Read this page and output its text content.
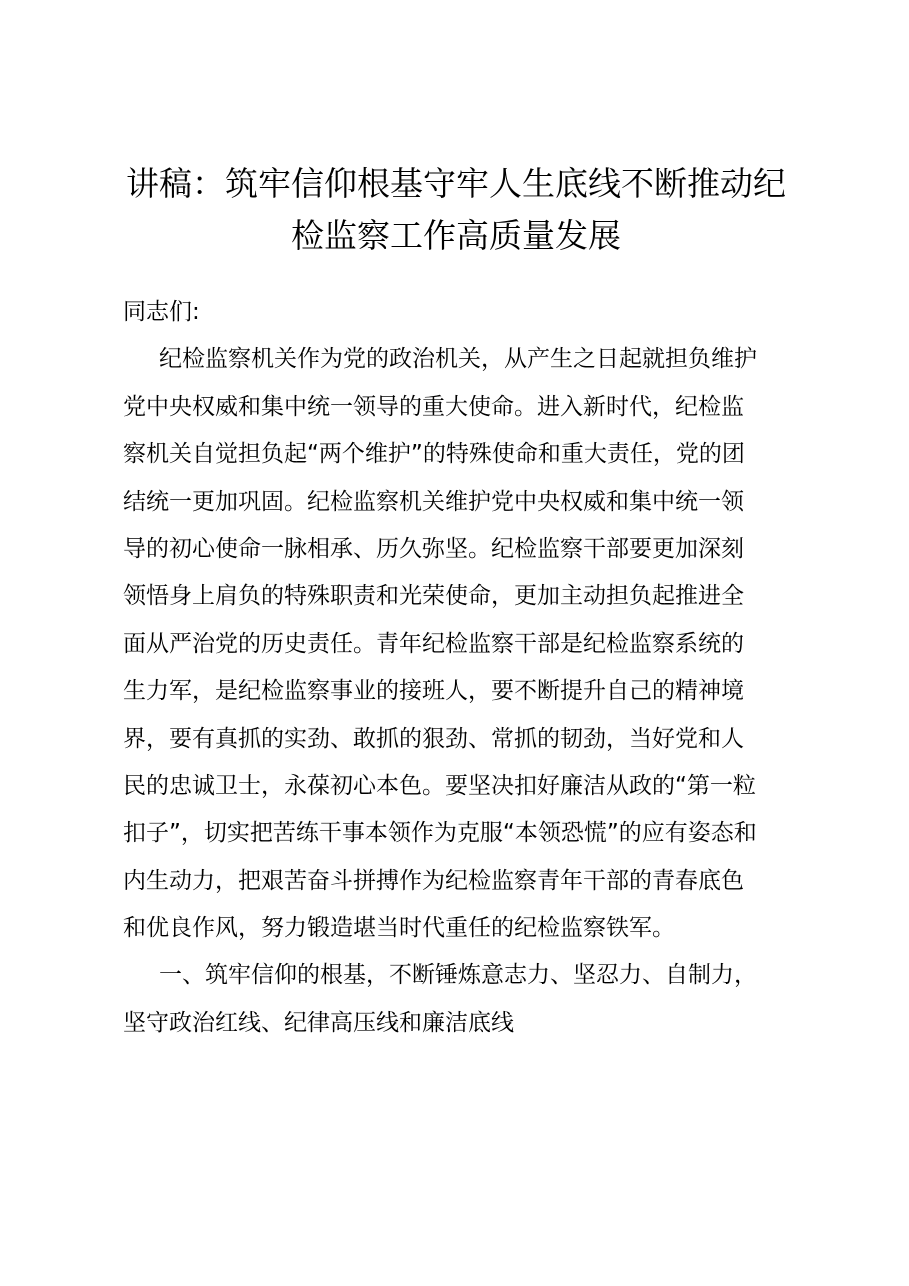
讲稿：筑牢信仰根基守牢人生底线不断推动纪
检监察工作高质量发展
同志们:
纪检监察机关作为党的政治机关，从产生之日起就担负维护
党中央权威和集中统一领导的重大使命。进入新时代，纪检监
察机关自觉担负起“两个维护”的特殊使命和重大责任，党的团
结统一更加巩固。纪检监察机关维护党中央权威和集中统一领
导的初心使命一脉相承、历久弥坚。纪检监察干部要更加深刻
领悟身上肩负的特殊职责和光荣使命，更加主动担负起推进全
面从严治党的历史责任。青年纪检监察干部是纪检监察系统的
生力军，是纪检监察事业的接班人，要不断提升自己的精神境
界，要有真抓的实劲、敢抓的狠劲、常抓的韧劲，当好党和人
民的忠诚卫士，永葆初心本色。要坚决扣好廉洁从政的“第一粒
扣子”，切实把苦练干事本领作为克服“本领恐慌”的应有姿态和
内生动力，把艰苦奋斗拼搏作为纪检监察青年干部的青春底色
和优良作风，努力锻造堪当时代重任的纪检监察铁军。
一、筑牢信仰的根基，不断锤炼意志力、坚忍力、自制力，
坚守政治红线、纪律高压线和廉洁底线
